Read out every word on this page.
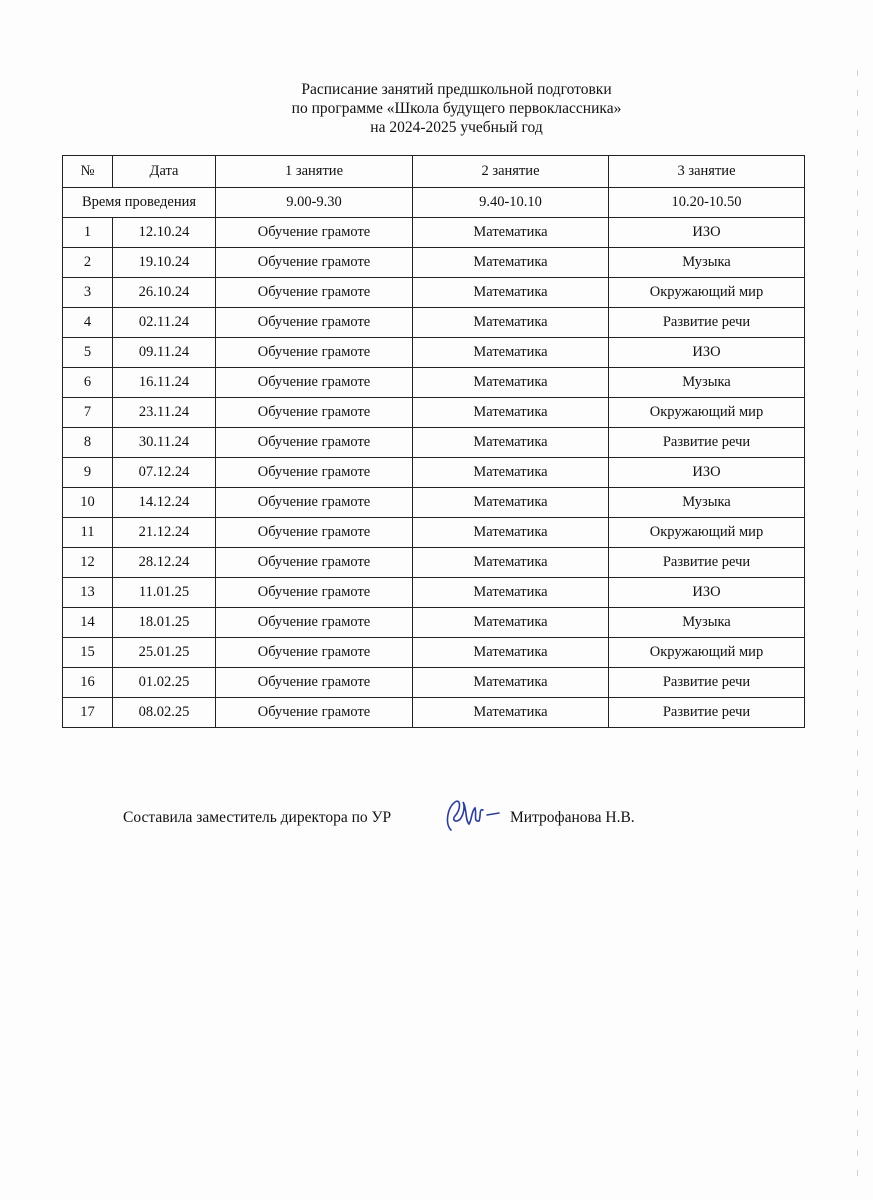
Расписание занятий предшкольной подготовки
по программе «Школа будущего первоклассника»
на 2024-2025 учебный год
№	Дата	1 занятие	2 занятие	3 занятие
Время проведения		9.00-9.30	9.40-10.10	10.20-10.50
1	12.10.24	Обучение грамоте	Математика	ИЗО
2	19.10.24	Обучение грамоте	Математика	Музыка
3	26.10.24	Обучение грамоте	Математика	Окружающий мир
4	02.11.24	Обучение грамоте	Математика	Развитие речи
5	09.11.24	Обучение грамоте	Математика	ИЗО
6	16.11.24	Обучение грамоте	Математика	Музыка
7	23.11.24	Обучение грамоте	Математика	Окружающий мир
8	30.11.24	Обучение грамоте	Математика	Развитие речи
9	07.12.24	Обучение грамоте	Математика	ИЗО
10	14.12.24	Обучение грамоте	Математика	Музыка
11	21.12.24	Обучение грамоте	Математика	Окружающий мир
12	28.12.24	Обучение грамоте	Математика	Развитие речи
13	11.01.25	Обучение грамоте	Математика	ИЗО
14	18.01.25	Обучение грамоте	Математика	Музыка
15	25.01.25	Обучение грамоте	Математика	Окружающий мир
16	01.02.25	Обучение грамоте	Математика	Развитие речи
17	08.02.25	Обучение грамоте	Математика	Развитие речи
Составила заместитель директора по УР	Митрофанова Н.В.
